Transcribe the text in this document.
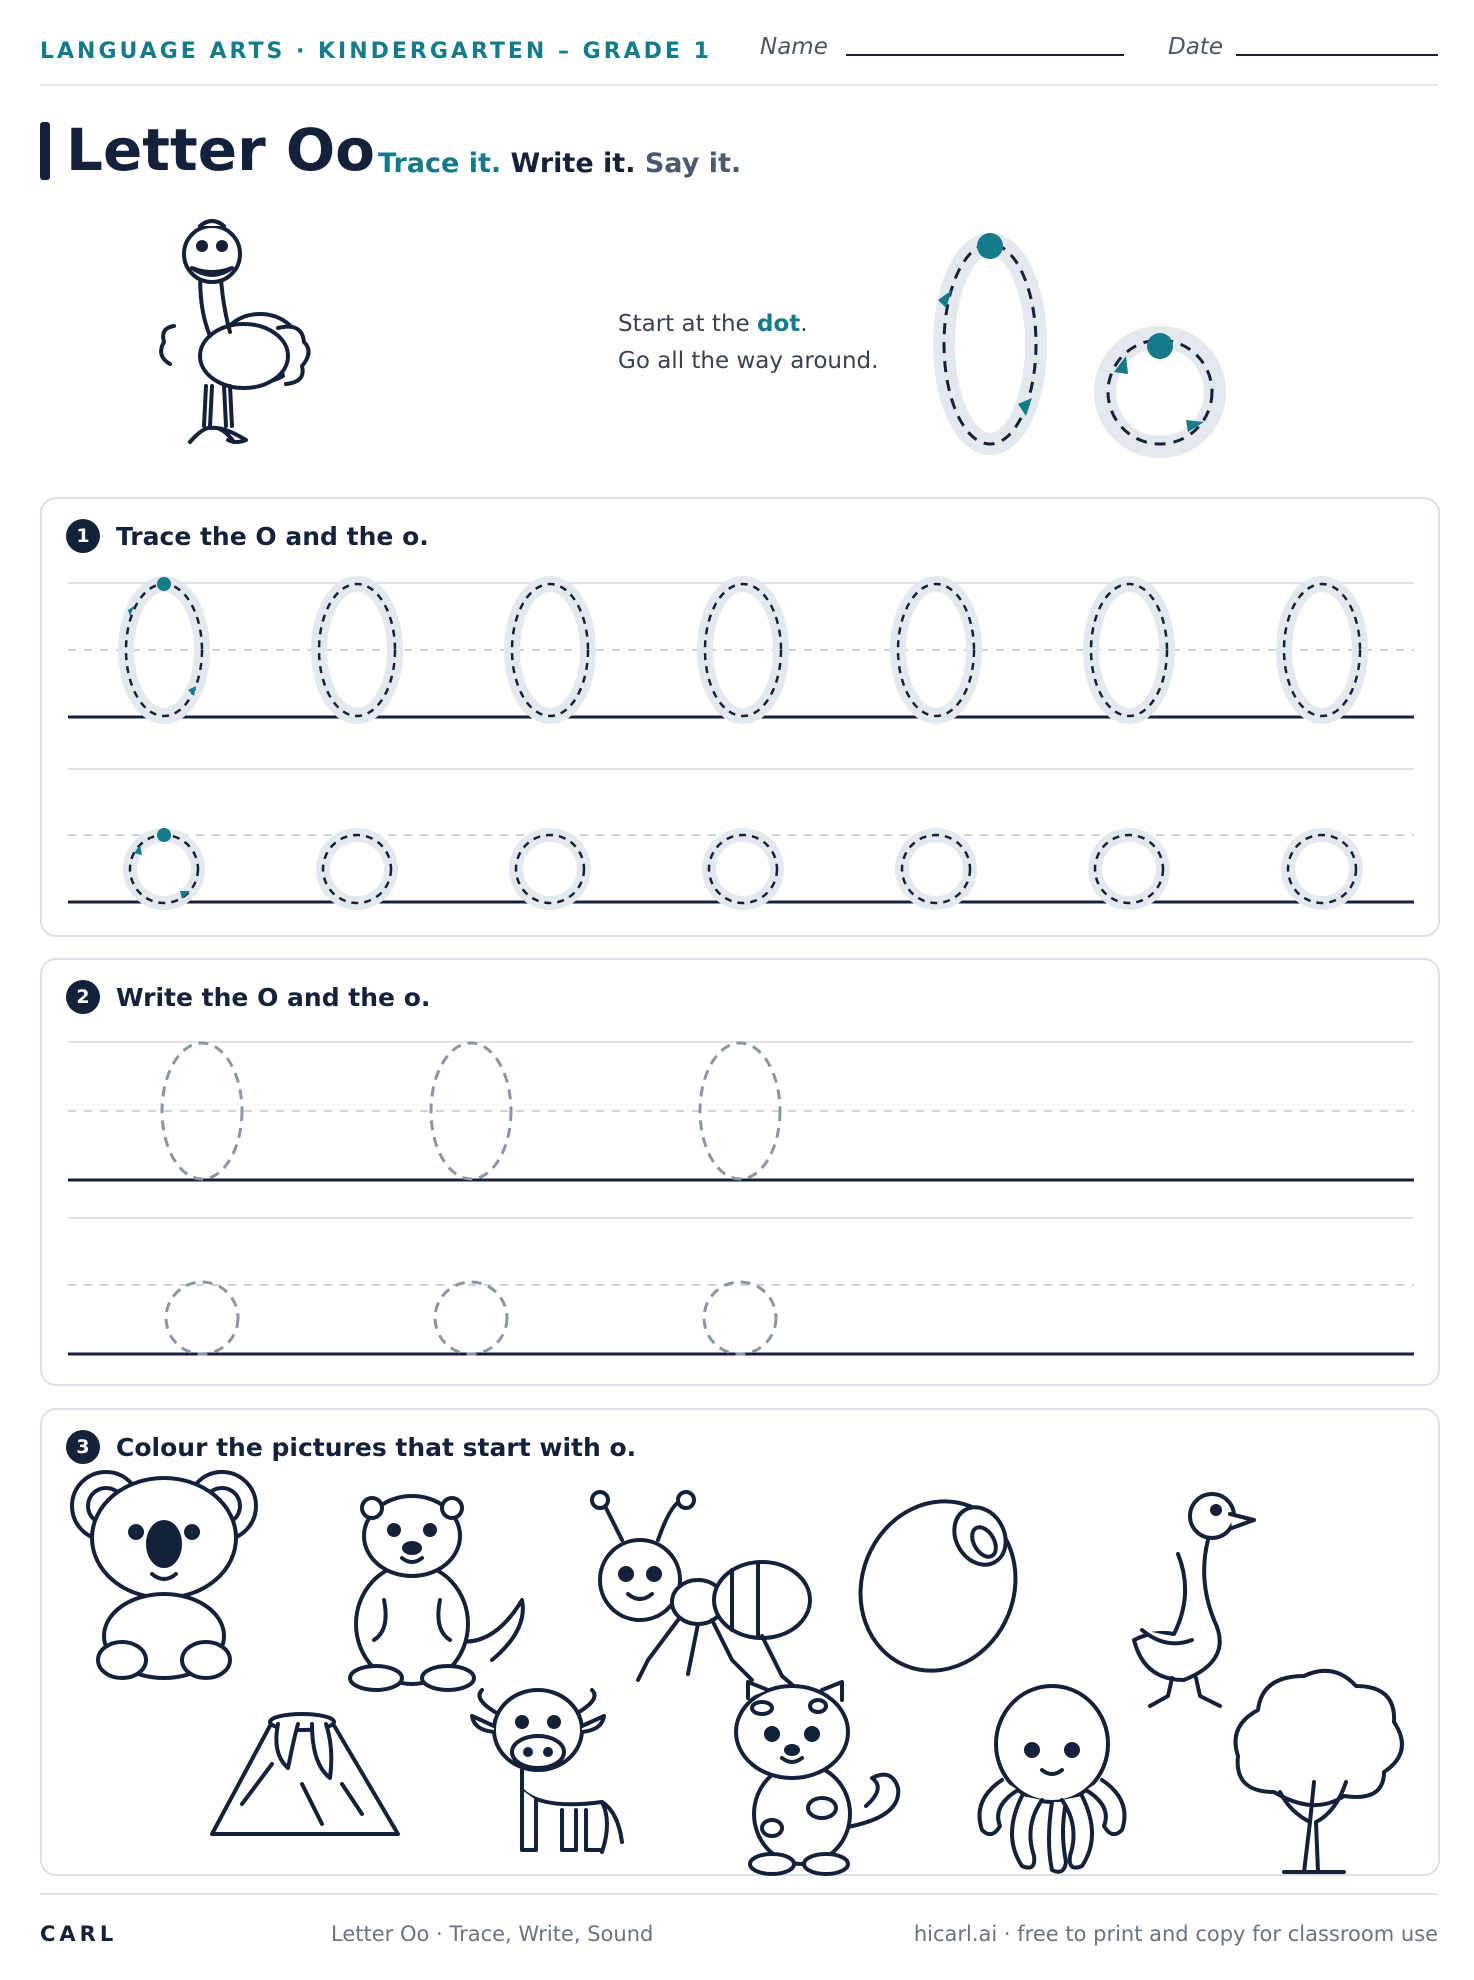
LANGUAGE ARTS · KINDERGARTEN – GRADE 1 Name	Date
Letter Oo Trace it. Write it. Say it.
Start at the dot.
Go all the way around.
1	Trace the O and the o.
2	Write the O and the o.
3	Colour the pictures that start with o.
CARL	Letter Oo · Trace, Write, Sound	hicarl.ai · free to print and copy for classroom use
